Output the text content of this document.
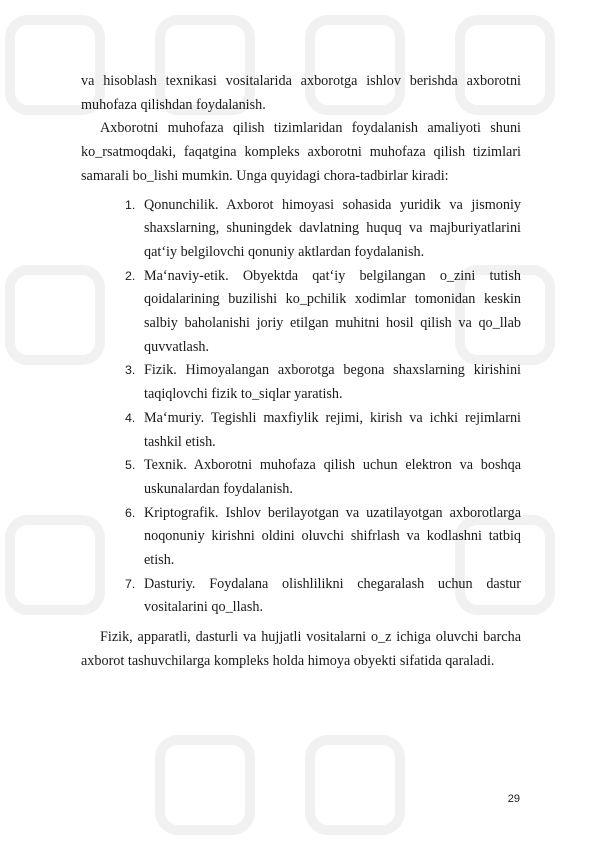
va hisoblash texnikasi vositalarida axborotga ishlov berishda axborotni muhofaza qilishdan foydalanish.

Axborotni muhofaza qilish tizimlaridan foydalanish amaliyoti shuni ko_rsatmoqdaki, faqatgina kompleks axborotni muhofaza qilish tizimlari samarali bo_lishi mumkin. Unga quyidagi chora-tadbirlar kiradi:

1. Qonunchilik. Axborot himoyasi sohasida yuridik va jismoniy shaxslarning, shuningdek davlatning huquq va majburiyatlarini qat‘iy belgilovchi qonuniy aktlardan foydalanish.
2. Ma‘naviy-etik. Obyektda qat‘iy belgilangan o_zini tutish qoidalarining buzilishi ko_pchilik xodimlar tomonidan keskin salbiy baholanishi joriy etilgan muhitni hosil qilish va qo_llab quvvatlash.
3. Fizik. Himoyalangan axborotga begona shaxslarning kirishini taqiqlovchi fizik to_siqlar yaratish.
4. Ma‘muriy. Tegishli maxfiylik rejimi, kirish va ichki rejimlarni tashkil etish.
5. Texnik. Axborotni muhofaza qilish uchun elektron va boshqa uskunalardan foydalanish.
6. Kriptografik. Ishlov berilayotgan va uzatilayotgan axborotlarga noqonuniy kirishni oldini oluvchi shifrlash va kodlashni tatbiq etish.
7. Dasturiy. Foydalana olishlilikni chegaralash uchun dastur vositalarini qo_llash.

Fizik, apparatli, dasturli va hujjatli vositalarni o_z ichiga oluvchi barcha axborot tashuvchilarga kompleks holda himoya obyekti sifatida qaraladi.

29
